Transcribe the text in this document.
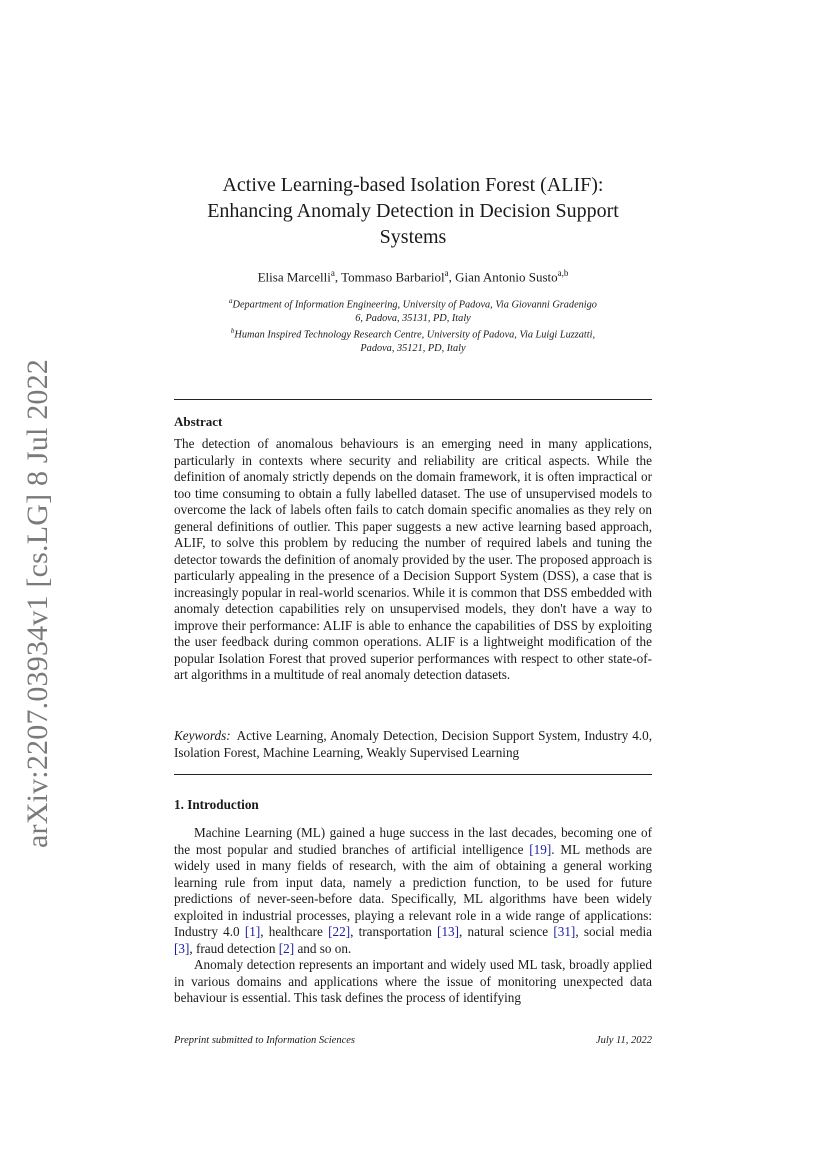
arXiv:2207.03934v1 [cs.LG] 8 Jul 2022
Active Learning-based Isolation Forest (ALIF):
Enhancing Anomaly Detection in Decision Support
Systems
Elisa Marcelli$^a$, Tommaso Barbariol$^a$, Gian Antonio Susto$^{a,b}$
$^a$Department of Information Engineering, University of Padova, Via Giovanni Gradenigo
6, Padova, 35131, PD, Italy
$^b$Human Inspired Technology Research Centre, University of Padova, Via Luigi Luzzatti,
Padova, 35121, PD, Italy
Abstract
The detection of anomalous behaviours is an emerging need in many applications, particularly in contexts where security and reliability are critical aspects. While the definition of anomaly strictly depends on the domain framework, it is often impractical or too time consuming to obtain a fully labelled dataset. The use of unsupervised models to overcome the lack of labels often fails to catch domain specific anomalies as they rely on general definitions of outlier. This paper suggests a new active learning based approach, ALIF, to solve this problem by reducing the number of required labels and tuning the detector towards the definition of anomaly provided by the user. The proposed approach is particularly appealing in the presence of a Decision Support System (DSS), a case that is increasingly popular in real-world scenarios. While it is common that DSS embedded with anomaly detection capabilities rely on unsupervised models, they don't have a way to improve their performance: ALIF is able to enhance the capabilities of DSS by exploiting the user feedback during common operations. ALIF is a lightweight modification of the popular Isolation Forest that proved superior performances with respect to other state-of-art algorithms in a multitude of real anomaly detection datasets.
Keywords: Active Learning, Anomaly Detection, Decision Support System, Industry 4.0, Isolation Forest, Machine Learning, Weakly Supervised Learning
1. Introduction

Machine Learning (ML) gained a huge success in the last decades, becoming one of the most popular and studied branches of artificial intelligence [19]. ML methods are widely used in many fields of research, with the aim of obtaining a general working learning rule from input data, namely a prediction function, to be used for future predictions of never-seen-before data. Specifically, ML algorithms have been widely exploited in industrial processes, playing a relevant role in a wide range of applications: Industry 4.0 [1], healthcare [22], transportation [13], natural science [31], social media [3], fraud detection [2] and so on.

Anomaly detection represents an important and widely used ML task, broadly applied in various domains and applications where the issue of monitoring unexpected data behaviour is essential. This task defines the process of identifying

Preprint submitted to Information Sciences	July 11, 2022
